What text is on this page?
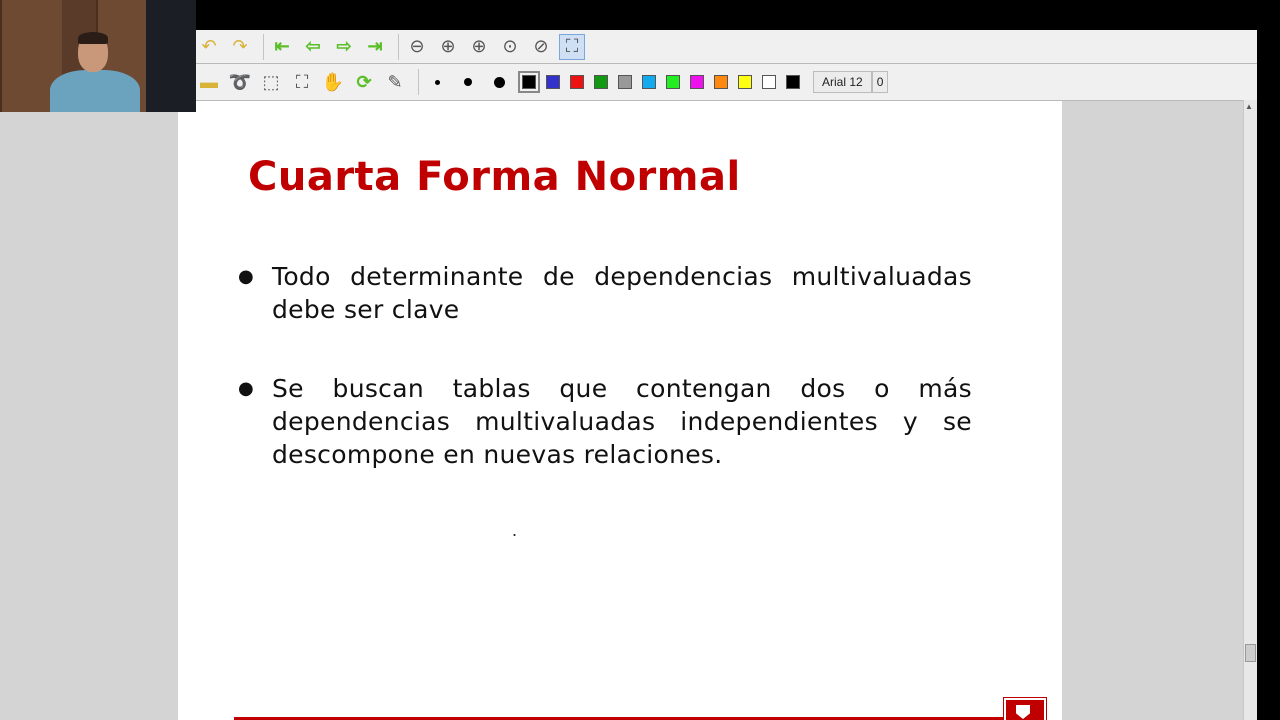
Cuarta Forma Normal
● Todo determinante de dependencias multivaluadas debe ser clave
● Se buscan tablas que contengan dos o más dependencias multivaluadas independientes y se descompone en nuevas relaciones.
.
↶ ↷ ⇤ ⇦ ⇨ ⇥ ⊖ ⊕ ⊕ ⊙ ⊘ ⛶
▬ ➰ ⬚ ⛶ ✋ ⟳ ✎	Arial 12	0
▲
